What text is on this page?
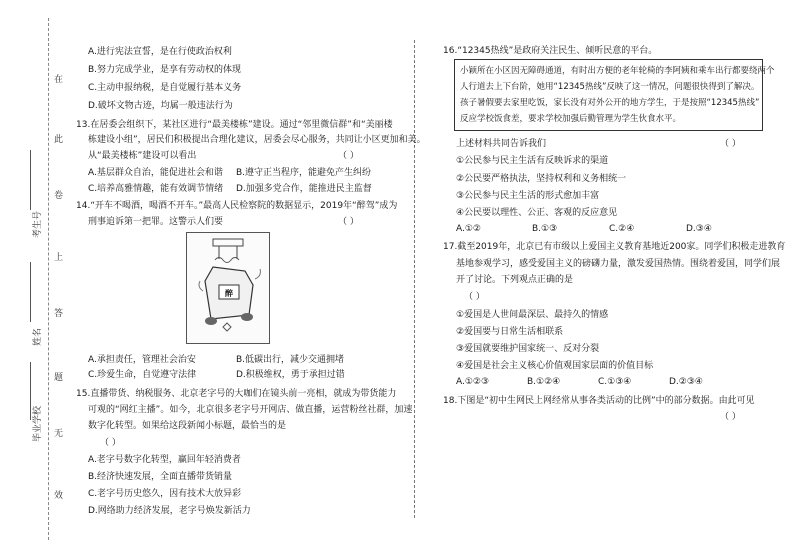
在
此
卷
上
答
题
无
效
考生号
姓名
毕业学校
A.进行宪法宣誓，是在行使政治权利
B.努力完成学业，是享有劳动权的体现
C.主动申报纳税，是自觉履行基本义务
D.破坏文物古迹，均属一般违法行为
13.在居委会组织下，某社区进行“最美楼栋”建设。通过“邻里微信群”和“美丽楼
栋建设小组”，居民们积极提出合理化建议，居委会尽心服务，共同让小区更加和美。
从“最美楼栋”建设可以看出	（ ）
A.基层群众自治，能促进社会和谐 B.遵守正当程序，能避免产生纠纷
C.培养高雅情趣，能有效调节情绪 D.加强多党合作，能推进民主监督
14.“开车不喝酒，喝酒不开车。”最高人民检察院的数据显示，2019年“醉驾”成为
刑事追诉第一把罪。这警示人们要	（ ）
醉
A.承担责任，管理社会治安	B.低碳出行，减少交通拥堵
C.珍爱生命，自觉遵守法律	D.积极维权，勇于承担过错
15.直播带货、纳税服务、北京老字号的大咖们在镜头前一亮相，就成为带货能力
可观的“网红主播”。如今，北京很多老字号开网店、做直播，运营粉丝社群，加速
数字化转型。如果给这段新闻小标题，最恰当的是
（ ）
A.老字号数字化转型，赢回年轻消费者
B.经济快速发展，全面直播带货销量
C.老字号历史悠久，因有技术大放异彩
D.网络助力经济发展，老字号焕发新活力
16.“12345热线”是政府关注民生、倾听民意的平台。
小颖所在小区因无障碍通道，有时出方便的老年轮椅的李阿姨和乘车出行都要绕两个
人行道去上下台阶，她用“12345热线”反映了这一情况，问题很快得到了解决。
孩子暑假要去家里吃饭，家长没有对外公开的地方学生，于是按照“12345热线”
反应学校饭食差，要求学校加强后勤管理为学生伙食水平。
上述材料共同告诉我们	（ ）
①公民参与民主生活有反映诉求的渠道
②公民要严格执法，坚持权利和义务相统一
③公民参与民主生活的形式愈加丰富
④公民要以理性、公正、客观的反应意见
A.①②	B.①③	C.②④	D.③④
17.截至2019年，北京已有市级以上爱国主义教育基地近200家。同学们积极走进教育
基地参观学习，感受爱国主义的磅礴力量，激发爱国热情。围绕着爱国，同学们展
开了讨论。下列观点正确的是
（ ）
①爱国是人世间最深层、最持久的情感
②爱国要与日常生活相联系
③爱国就要维护国家统一、反对分裂
④爱国是社会主义核心价值观国家层面的价值目标
A.①②③	B.①②④	C.①③④	D.②③④
18.下图是“初中生网民上网经常从事各类活动的比例”中的部分数据。由此可见
（ ）
